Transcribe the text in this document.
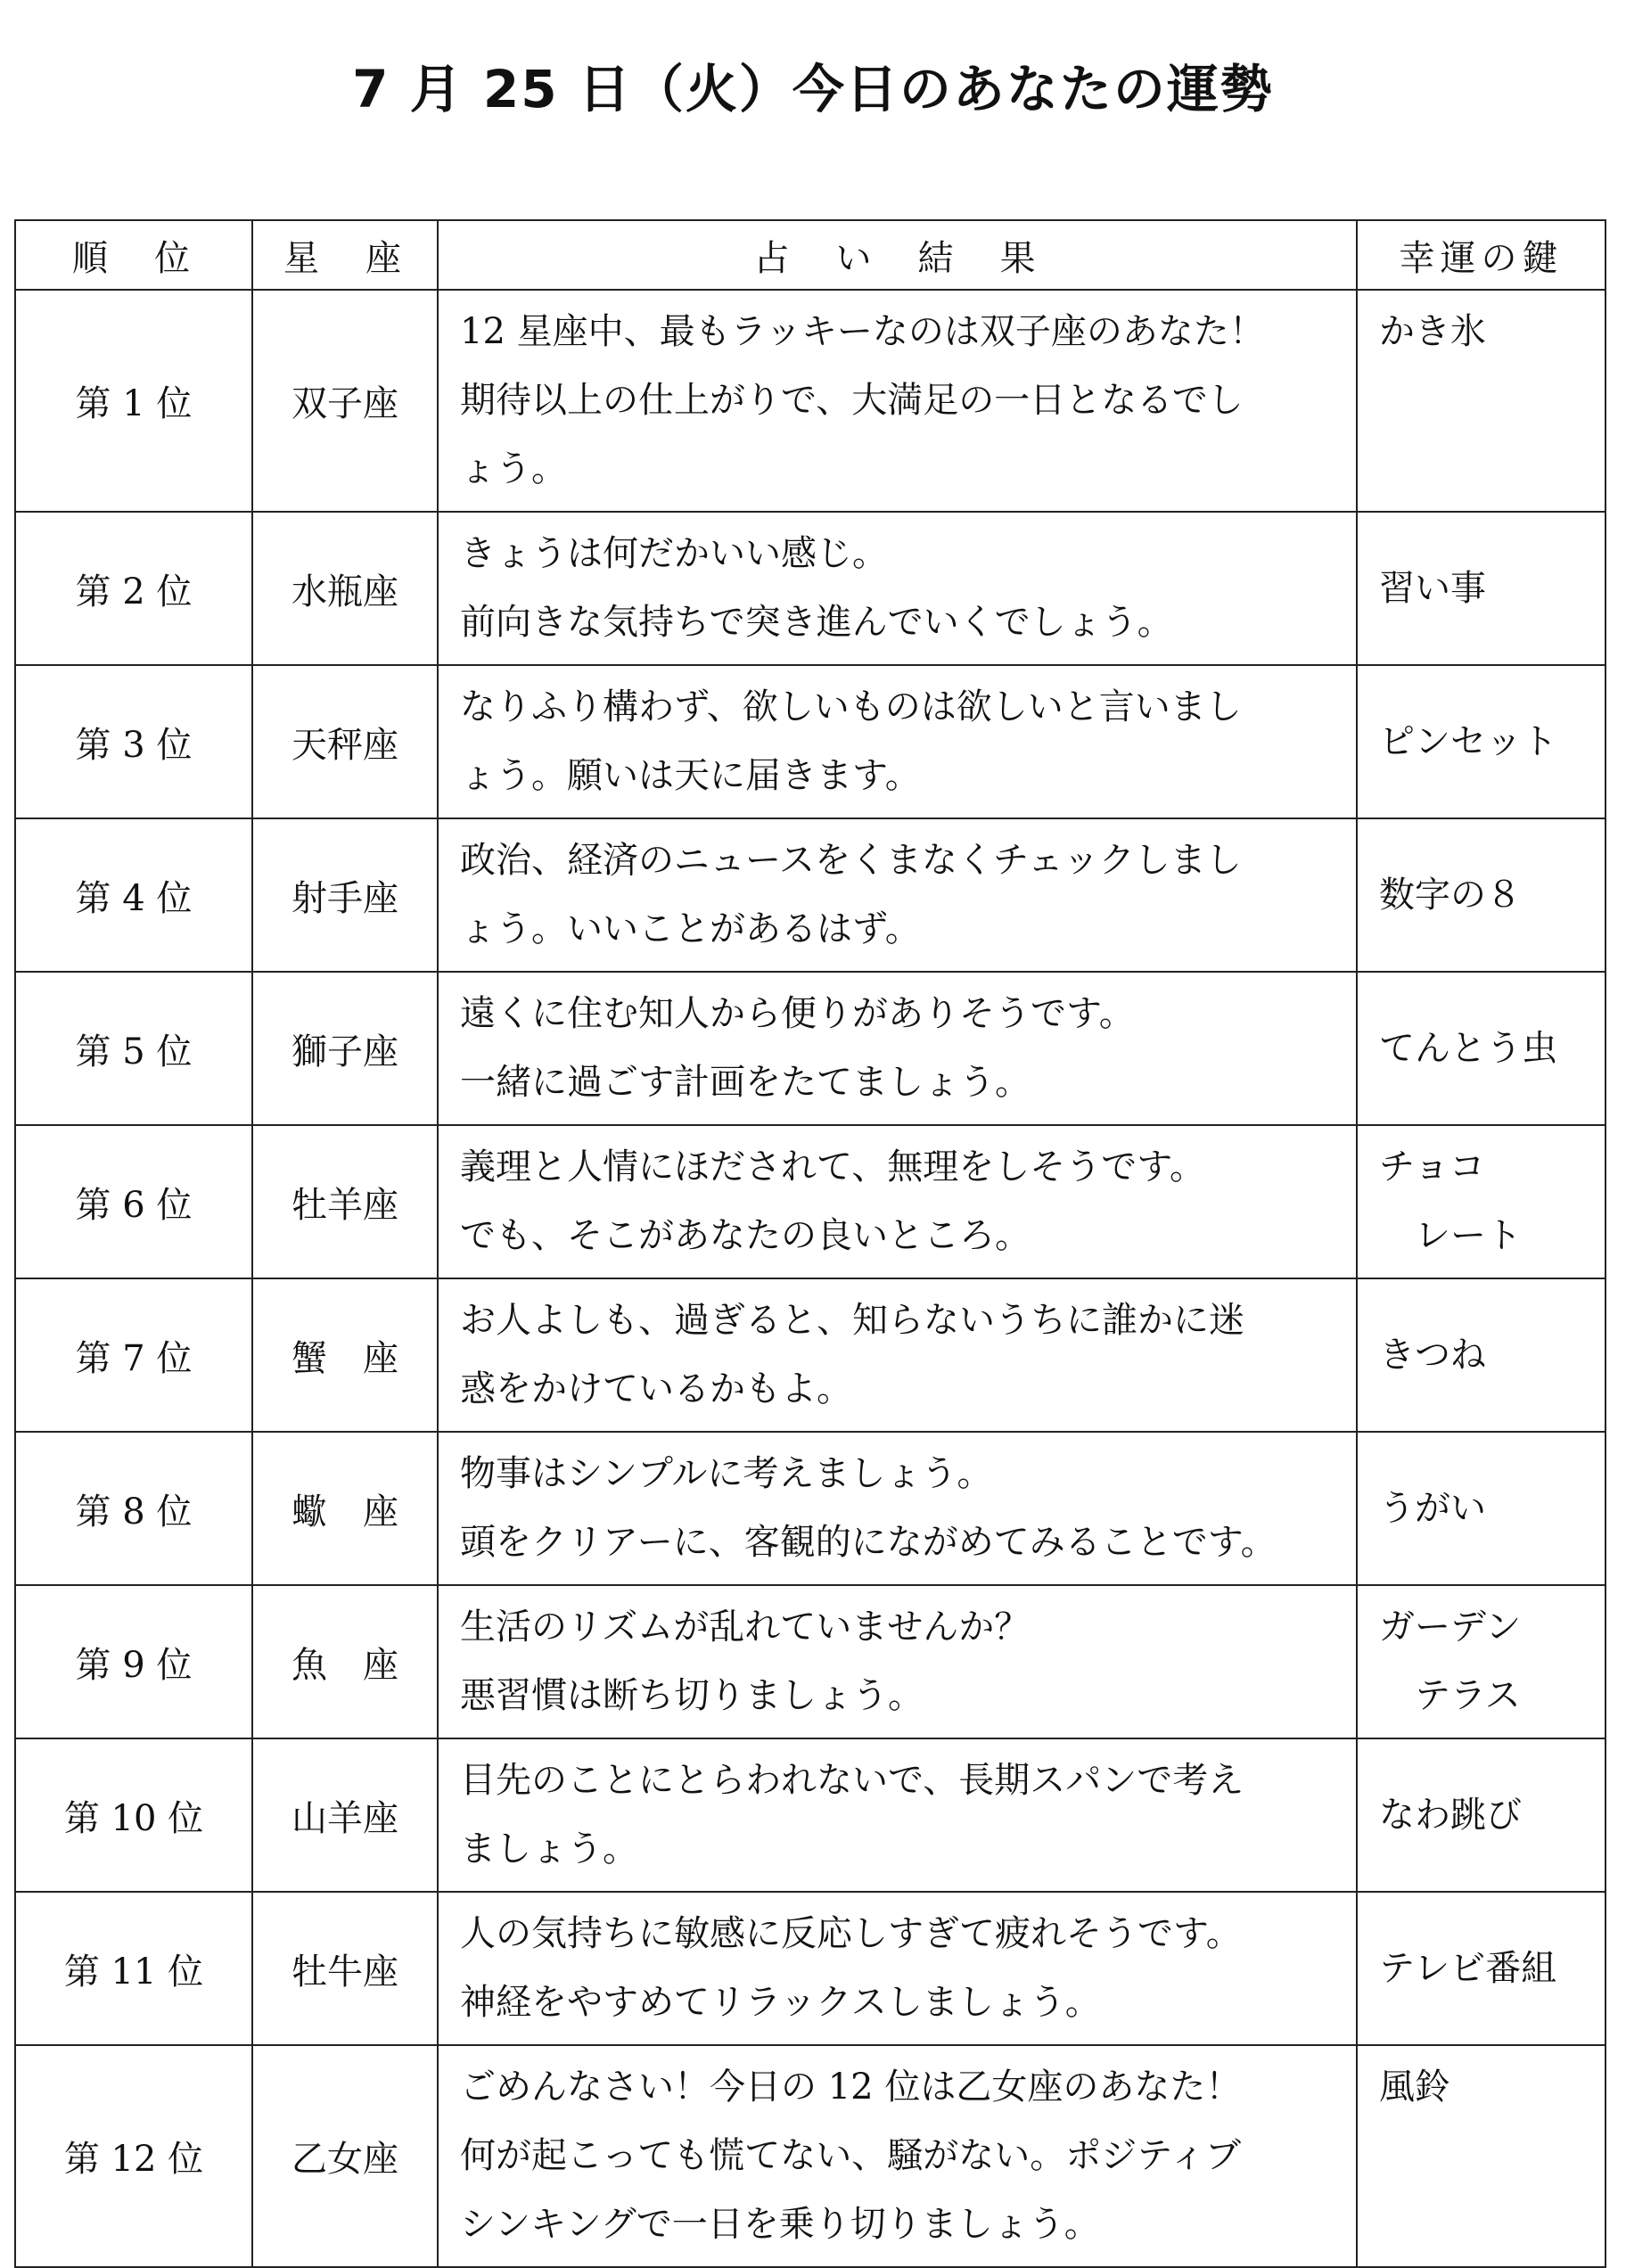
7 月 25 日（火）今日のあなたの運勢
順　位	星　座	占　い　結　果	幸運の鍵
第 1 位	双子座	12 星座中、最もラッキーなのは双子座のあなた！
期待以上の仕上がりで、大満足の一日となるでし
ょう。	かき氷

第 2 位	水瓶座	きょうは何だかいい感じ。
前向きな気持ちで突き進んでいくでしょう。	習い事

第 3 位	天秤座	なりふり構わず、欲しいものは欲しいと言いまし
ょう。願いは天に届きます。	ピンセット

第 4 位	射手座	政治、経済のニュースをくまなくチェックしまし
ょう。いいことがあるはず。	数字の８

第 5 位	獅子座	遠くに住む知人から便りがありそうです。
一緒に過ごす計画をたてましょう。	てんとう虫

第 6 位	牡羊座	義理と人情にほだされて、無理をしそうです。
でも、そこがあなたの良いところ。	チョコ
レート

第 7 位	蟹　座	お人よしも、過ぎると、知らないうちに誰かに迷
惑をかけているかもよ。	きつね

第 8 位	蠍　座	物事はシンプルに考えましょう。
頭をクリアーに、客観的にながめてみることです。	うがい

第 9 位	魚　座	生活のリズムが乱れていませんか？
悪習慣は断ち切りましょう。	ガーデン
テラス

第 10 位	山羊座	目先のことにとらわれないで、長期スパンで考え
ましょう。	なわ跳び

第 11 位	牡牛座	人の気持ちに敏感に反応しすぎて疲れそうです。
神経をやすめてリラックスしましょう。	テレビ番組

第 12 位	乙女座	ごめんなさい！今日の 12 位は乙女座のあなた！
何が起こっても慌てない、騒がない。ポジティブ
シンキングで一日を乗り切りましょう。	風鈴
